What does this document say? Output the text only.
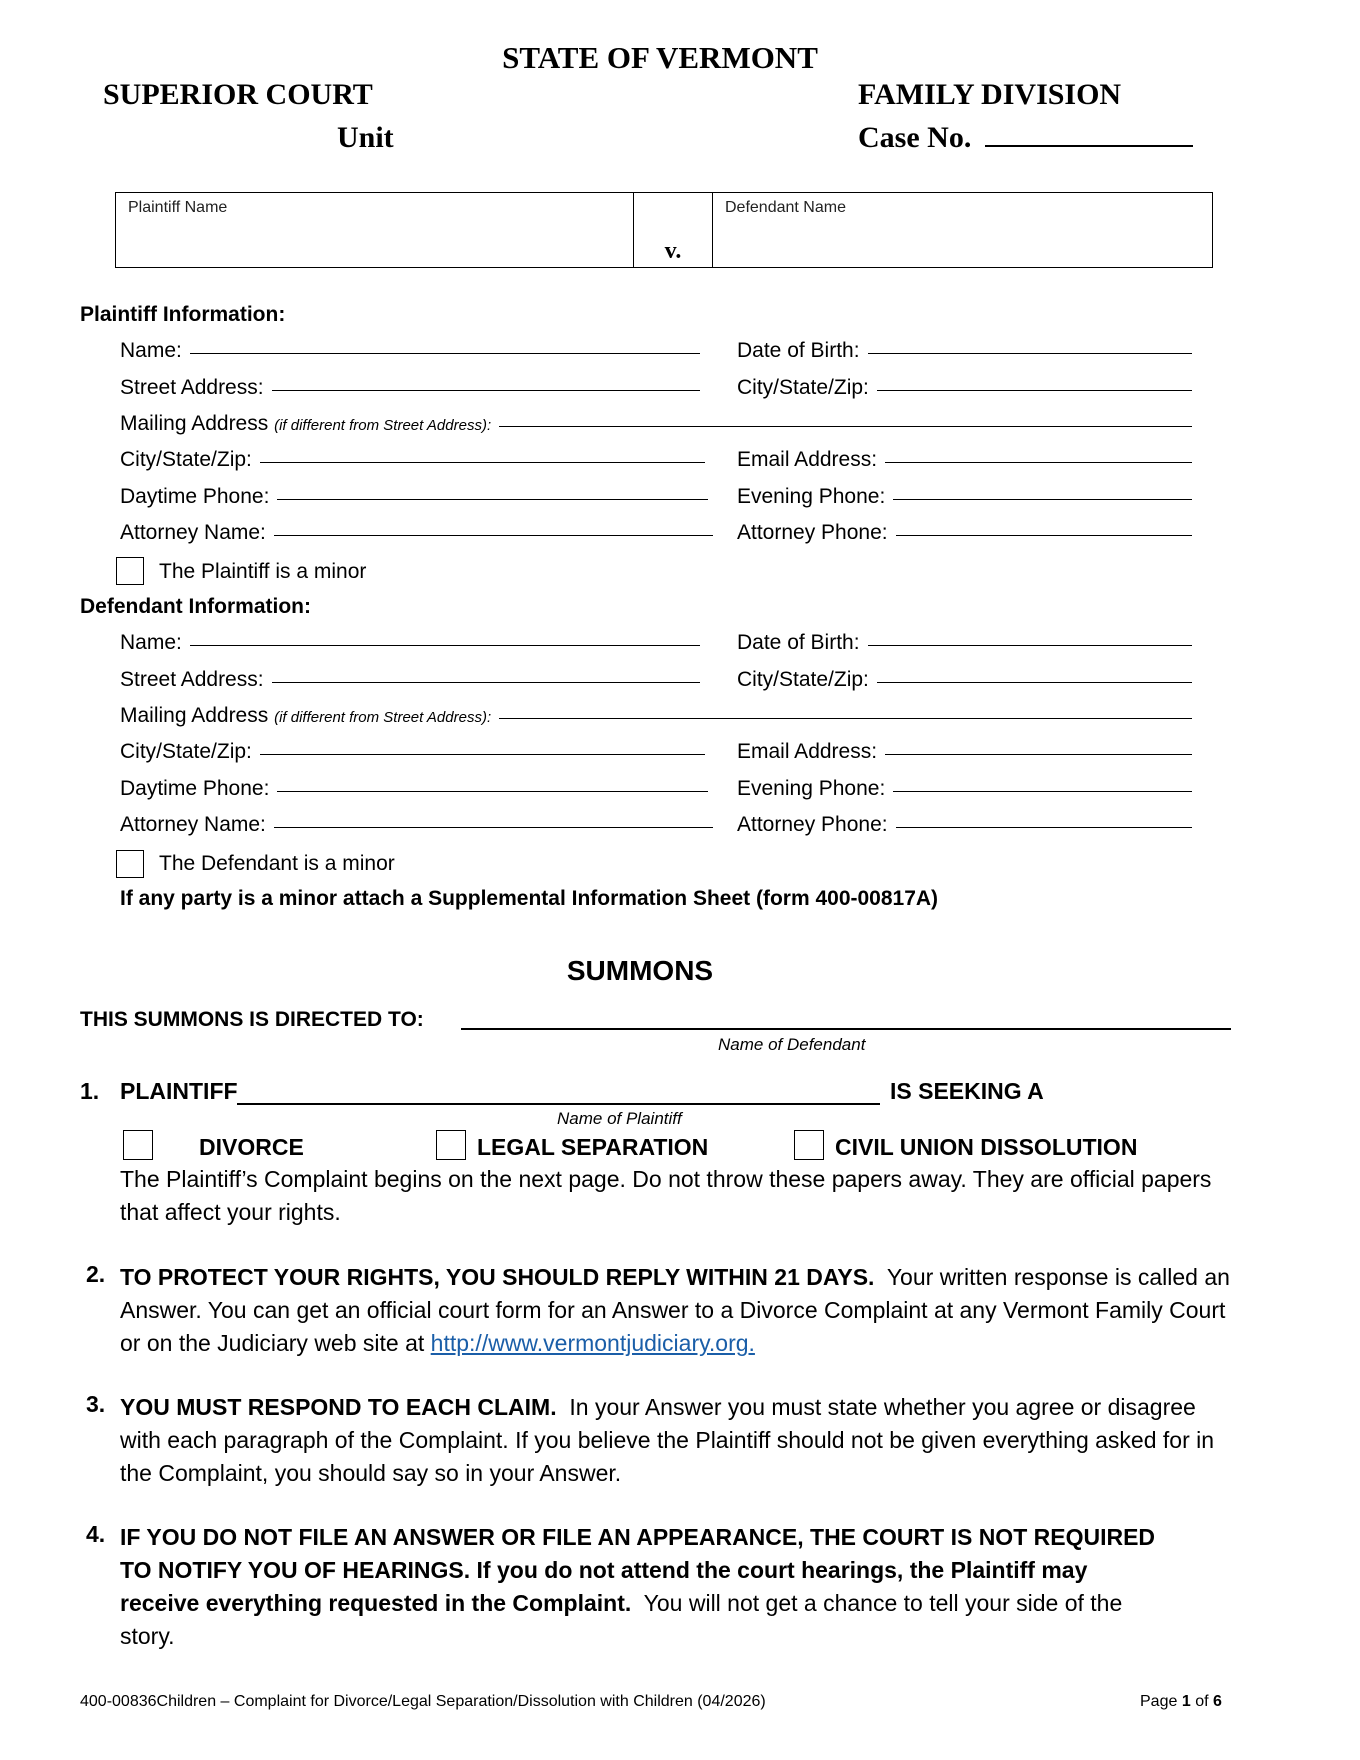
STATE OF VERMONT
SUPERIOR COURT	FAMILY DIVISION
Unit	Case No.
Plaintiff Name
v.
Defendant Name
Plaintiff Information:
Name:	Date of Birth:
Street Address:	City/State/Zip:
Mailing Address
(if different from Street Address):
City/State/Zip:	Email Address:
Daytime Phone:	Evening Phone:
Attorney Name:	Attorney Phone:
The Plaintiff is a minor
Defendant Information:
Name:	Date of Birth:
Street Address:	City/State/Zip:
Mailing Address
(if different from Street Address):
City/State/Zip:	Email Address:
Daytime Phone:	Evening Phone:
Attorney Name:	Attorney Phone:
The Defendant is a minor
If any party is a minor attach a Supplemental Information Sheet (form 400-00817A)
SUMMONS
THIS SUMMONS IS DIRECTED TO:
Name of Defendant
1. PLAINTIFF	IS SEEKING A
Name of Plaintiff
DIVORCE	LEGAL SEPARATION	CIVIL UNION DISSOLUTION
The Plaintiff’s Complaint begins on the next page. Do not throw these papers away. They are official papers that affect your rights.
2. TO PROTECT YOUR RIGHTS, YOU SHOULD REPLY WITHIN 21 DAYS. Your written response is called an Answer. You can get an official court form for an Answer to a Divorce Complaint at any Vermont Family Court or on the Judiciary web site at http://www.vermontjudiciary.org.
3. YOU MUST RESPOND TO EACH CLAIM. In your Answer you must state whether you agree or disagree with each paragraph of the Complaint. If you believe the Plaintiff should not be given everything asked for in the Complaint, you should say so in your Answer.
4. IF YOU DO NOT FILE AN ANSWER OR FILE AN APPEARANCE, THE COURT IS NOT REQUIRED TO NOTIFY YOU OF HEARINGS. If you do not attend the court hearings, the Plaintiff may receive everything requested in the Complaint. You will not get a chance to tell your side of the story.
400-00836Children – Complaint for Divorce/Legal Separation/Dissolution with Children (04/2026)	Page 1 of 6
